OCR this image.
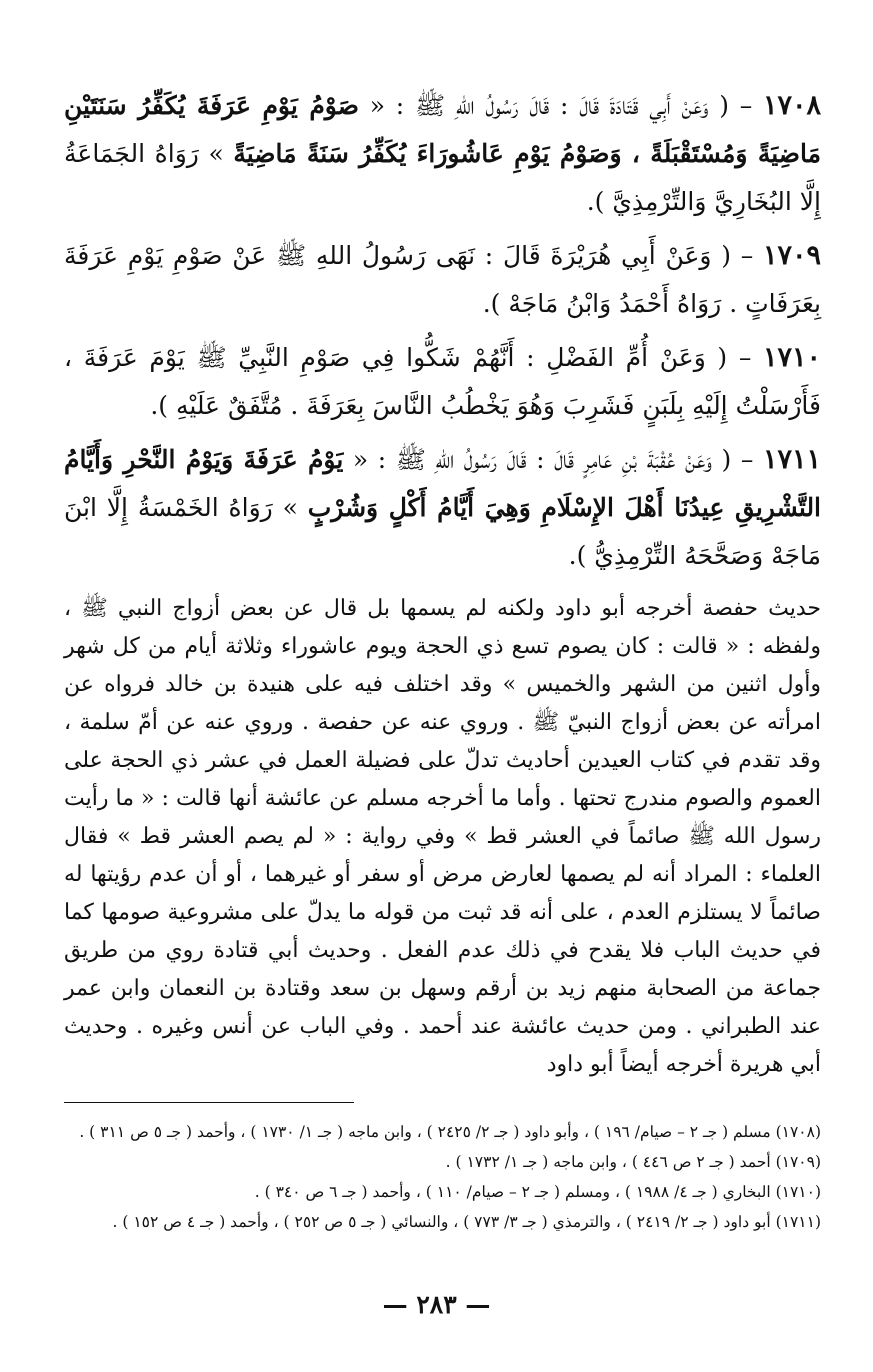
١٧٠٨ – ( وَعَنْ أَبِي قَتَادَةَ قَالَ : قَالَ رَسُولُ اللهِ ﷺ : « صَوْمُ يَوْمِ عَرَفَةَ يُكَفِّرُ سَنَتَيْنِ مَاضِيَةً وَمُسْتَقْبَلَةً ، وَصَوْمُ يَوْمِ عَاشُورَاءَ يُكَفِّرُ سَنَةً مَاضِيَةً » رَوَاهُ الجَمَاعَةُ إِلَّا البُخَارِيَّ وَالتِّرْمِذِيَّ ).

١٧٠٩ – ( وَعَنْ أَبِي هُرَيْرَةَ قَالَ : نَهَى رَسُولُ اللهِ ﷺ عَنْ صَوْمِ يَوْمِ عَرَفَةَ بِعَرَفَاتٍ . رَوَاهُ أَحْمَدُ وَابْنُ مَاجَهْ ).

١٧١٠ – ( وَعَنْ أُمِّ الفَضْلِ : أَنَّهُمْ شَكُّوا فِي صَوْمِ النَّبِيِّ ﷺ يَوْمَ عَرَفَةَ ، فَأَرْسَلْتُ إِلَيْهِ بِلَبَنٍ فَشَرِبَ وَهُوَ يَخْطُبُ النَّاسَ بِعَرَفَةَ . مُتَّفَقٌ عَلَيْهِ ).

١٧١١ – ( وَعَنْ عُقْبَةَ بْنِ عَامِرٍ قَالَ : قَالَ رَسُولُ اللهِ ﷺ : « يَوْمُ عَرَفَةَ وَيَوْمُ النَّحْرِ وَأَيَّامُ التَّشْرِيقِ عِيدُنَا أَهْلَ الإِسْلَامِ وَهِيَ أَيَّامُ أَكْلٍ وَشُرْبٍ » رَوَاهُ الخَمْسَةُ إِلَّا ابْنَ مَاجَهْ وَصَحَّحَهُ التِّرْمِذِيُّ ).

حديث حفصة أخرجه أبو داود ولكنه لم يسمها بل قال عن بعض أزواج النبي ﷺ ، ولفظه : « قالت : كان يصوم تسع ذي الحجة ويوم عاشوراء وثلاثة أيام من كل شهر وأول اثنين من الشهر والخميس » وقد اختلف فيه على هنيدة بن خالد فرواه عن امرأته عن بعض أزواج النبيّ ﷺ . وروي عنه عن حفصة . وروي عنه عن أمّ سلمة ، وقد تقدم في كتاب العيدين أحاديث تدلّ على فضيلة العمل في عشر ذي الحجة على العموم والصوم مندرج تحتها . وأما ما أخرجه مسلم عن عائشة أنها قالت : « ما رأيت رسول الله ﷺ صائماً في العشر قط » وفي رواية : « لم يصم العشر قط » فقال العلماء : المراد أنه لم يصمها لعارض مرض أو سفر أو غيرهما ، أو أن عدم رؤيتها له صائماً لا يستلزم العدم ، على أنه قد ثبت من قوله ما يدلّ على مشروعية صومها كما في حديث الباب فلا يقدح في ذلك عدم الفعل . وحديث أبي قتادة روي من طريق جماعة من الصحابة منهم زيد بن أرقم وسهل بن سعد وقتادة بن النعمان وابن عمر عند الطبراني . ومن حديث عائشة عند أحمد . وفي الباب عن أنس وغيره . وحديث أبي هريرة أخرجه أيضاً أبو داود

(١٧٠٨) مسلم ( جـ ٢ – صيام/ ١٩٦ ) ، وأبو داود ( جـ ٢/ ٢٤٢٥ ) ، وابن ماجه ( جـ ١/ ١٧٣٠ ) ، وأحمد ( جـ ٥ ص ٣١١ ) .

(١٧٠٩) أحمد ( جـ ٢ ص ٤٤٦ ) ، وابن ماجه ( جـ ١/ ١٧٣٢ ) .

(١٧١٠) البخاري ( جـ ٤/ ١٩٨٨ ) ، ومسلم ( جـ ٢ – صيام/ ١١٠ ) ، وأحمد ( جـ ٦ ص ٣٤٠ ) .

(١٧١١) أبو داود ( جـ ٢/ ٢٤١٩ ) ، والترمذي ( جـ ٣/ ٧٧٣ ) ، والنسائي ( جـ ٥ ص ٢٥٢ ) ، وأحمد ( جـ ٤ ص ١٥٢ ) .

— ٢٨٣ —
